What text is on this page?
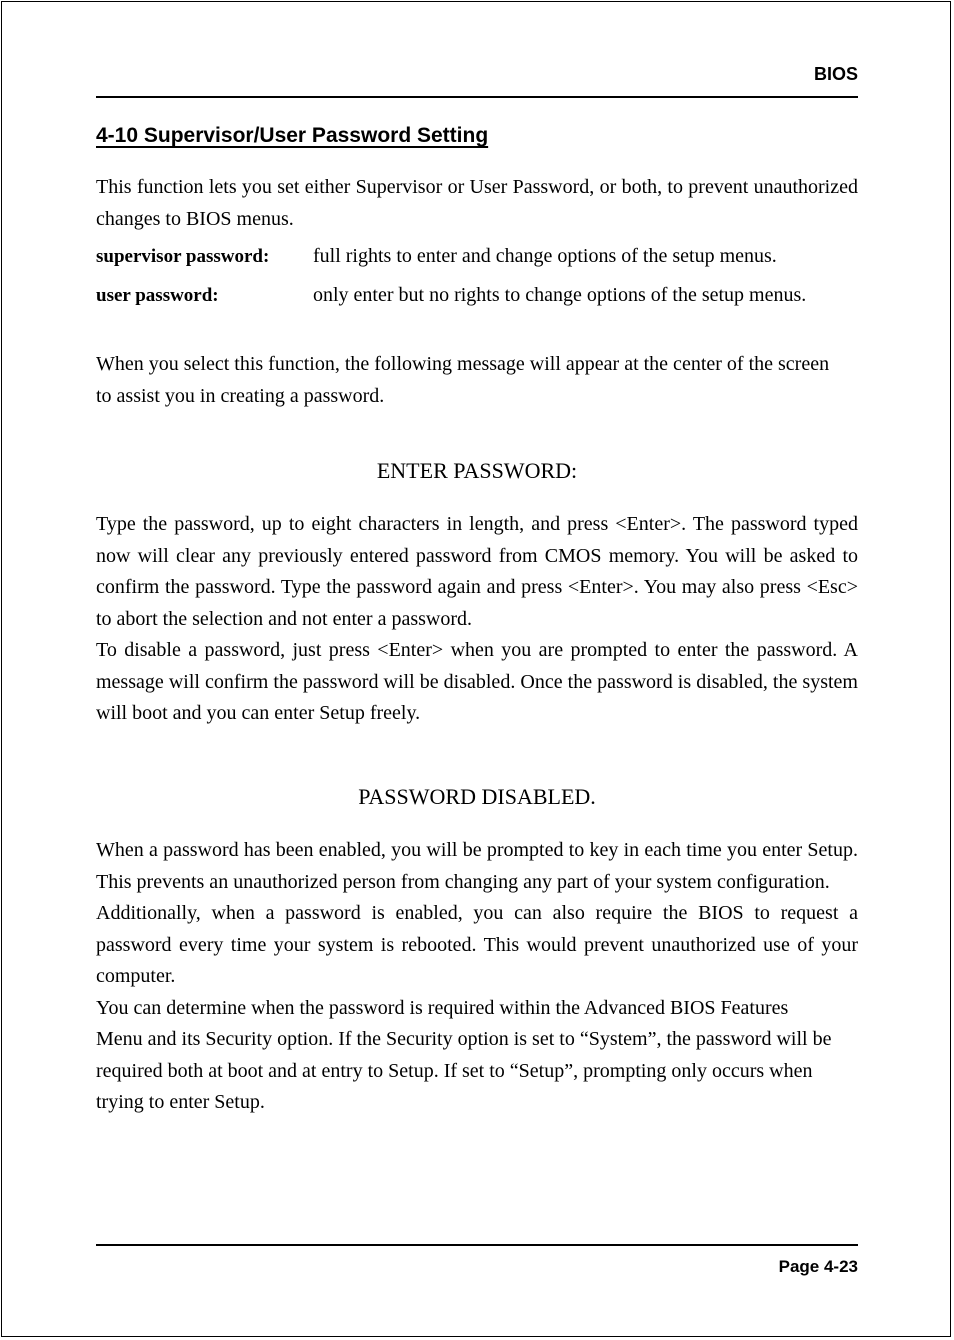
BIOS
4-10 Supervisor/User Password Setting

This function lets you set either Supervisor or User Password, or both, to prevent unauthorized changes to BIOS menus.

supervisor password: full rights to enter and change options of the setup menus.
user password:	only enter but no rights to change options of the setup menus.

When you select this function, the following message will appear at the center of the screen to assist you in creating a password.

ENTER PASSWORD:

Type the password, up to eight characters in length, and press <Enter>. The password typed now will clear any previously entered password from CMOS memory. You will be asked to confirm the password. Type the password again and press <Enter>. You may also press <Esc> to abort the selection and not enter a password.

To disable a password, just press <Enter> when you are prompted to enter the password. A message will confirm the password will be disabled. Once the password is disabled, the system will boot and you can enter Setup freely.

PASSWORD DISABLED.

When a password has been enabled, you will be prompted to key in each time you enter Setup. This prevents an unauthorized person from changing any part of your system configuration.

Additionally, when a password is enabled, you can also require the BIOS to request a password every time your system is rebooted. This would prevent unauthorized use of your computer.

You can determine when the password is required within the Advanced BIOS Features Menu and its Security option. If the Security option is set to “System”, the password will be required both at boot and at entry to Setup. If set to “Setup”, prompting only occurs when trying to enter Setup.

Page 4-23
